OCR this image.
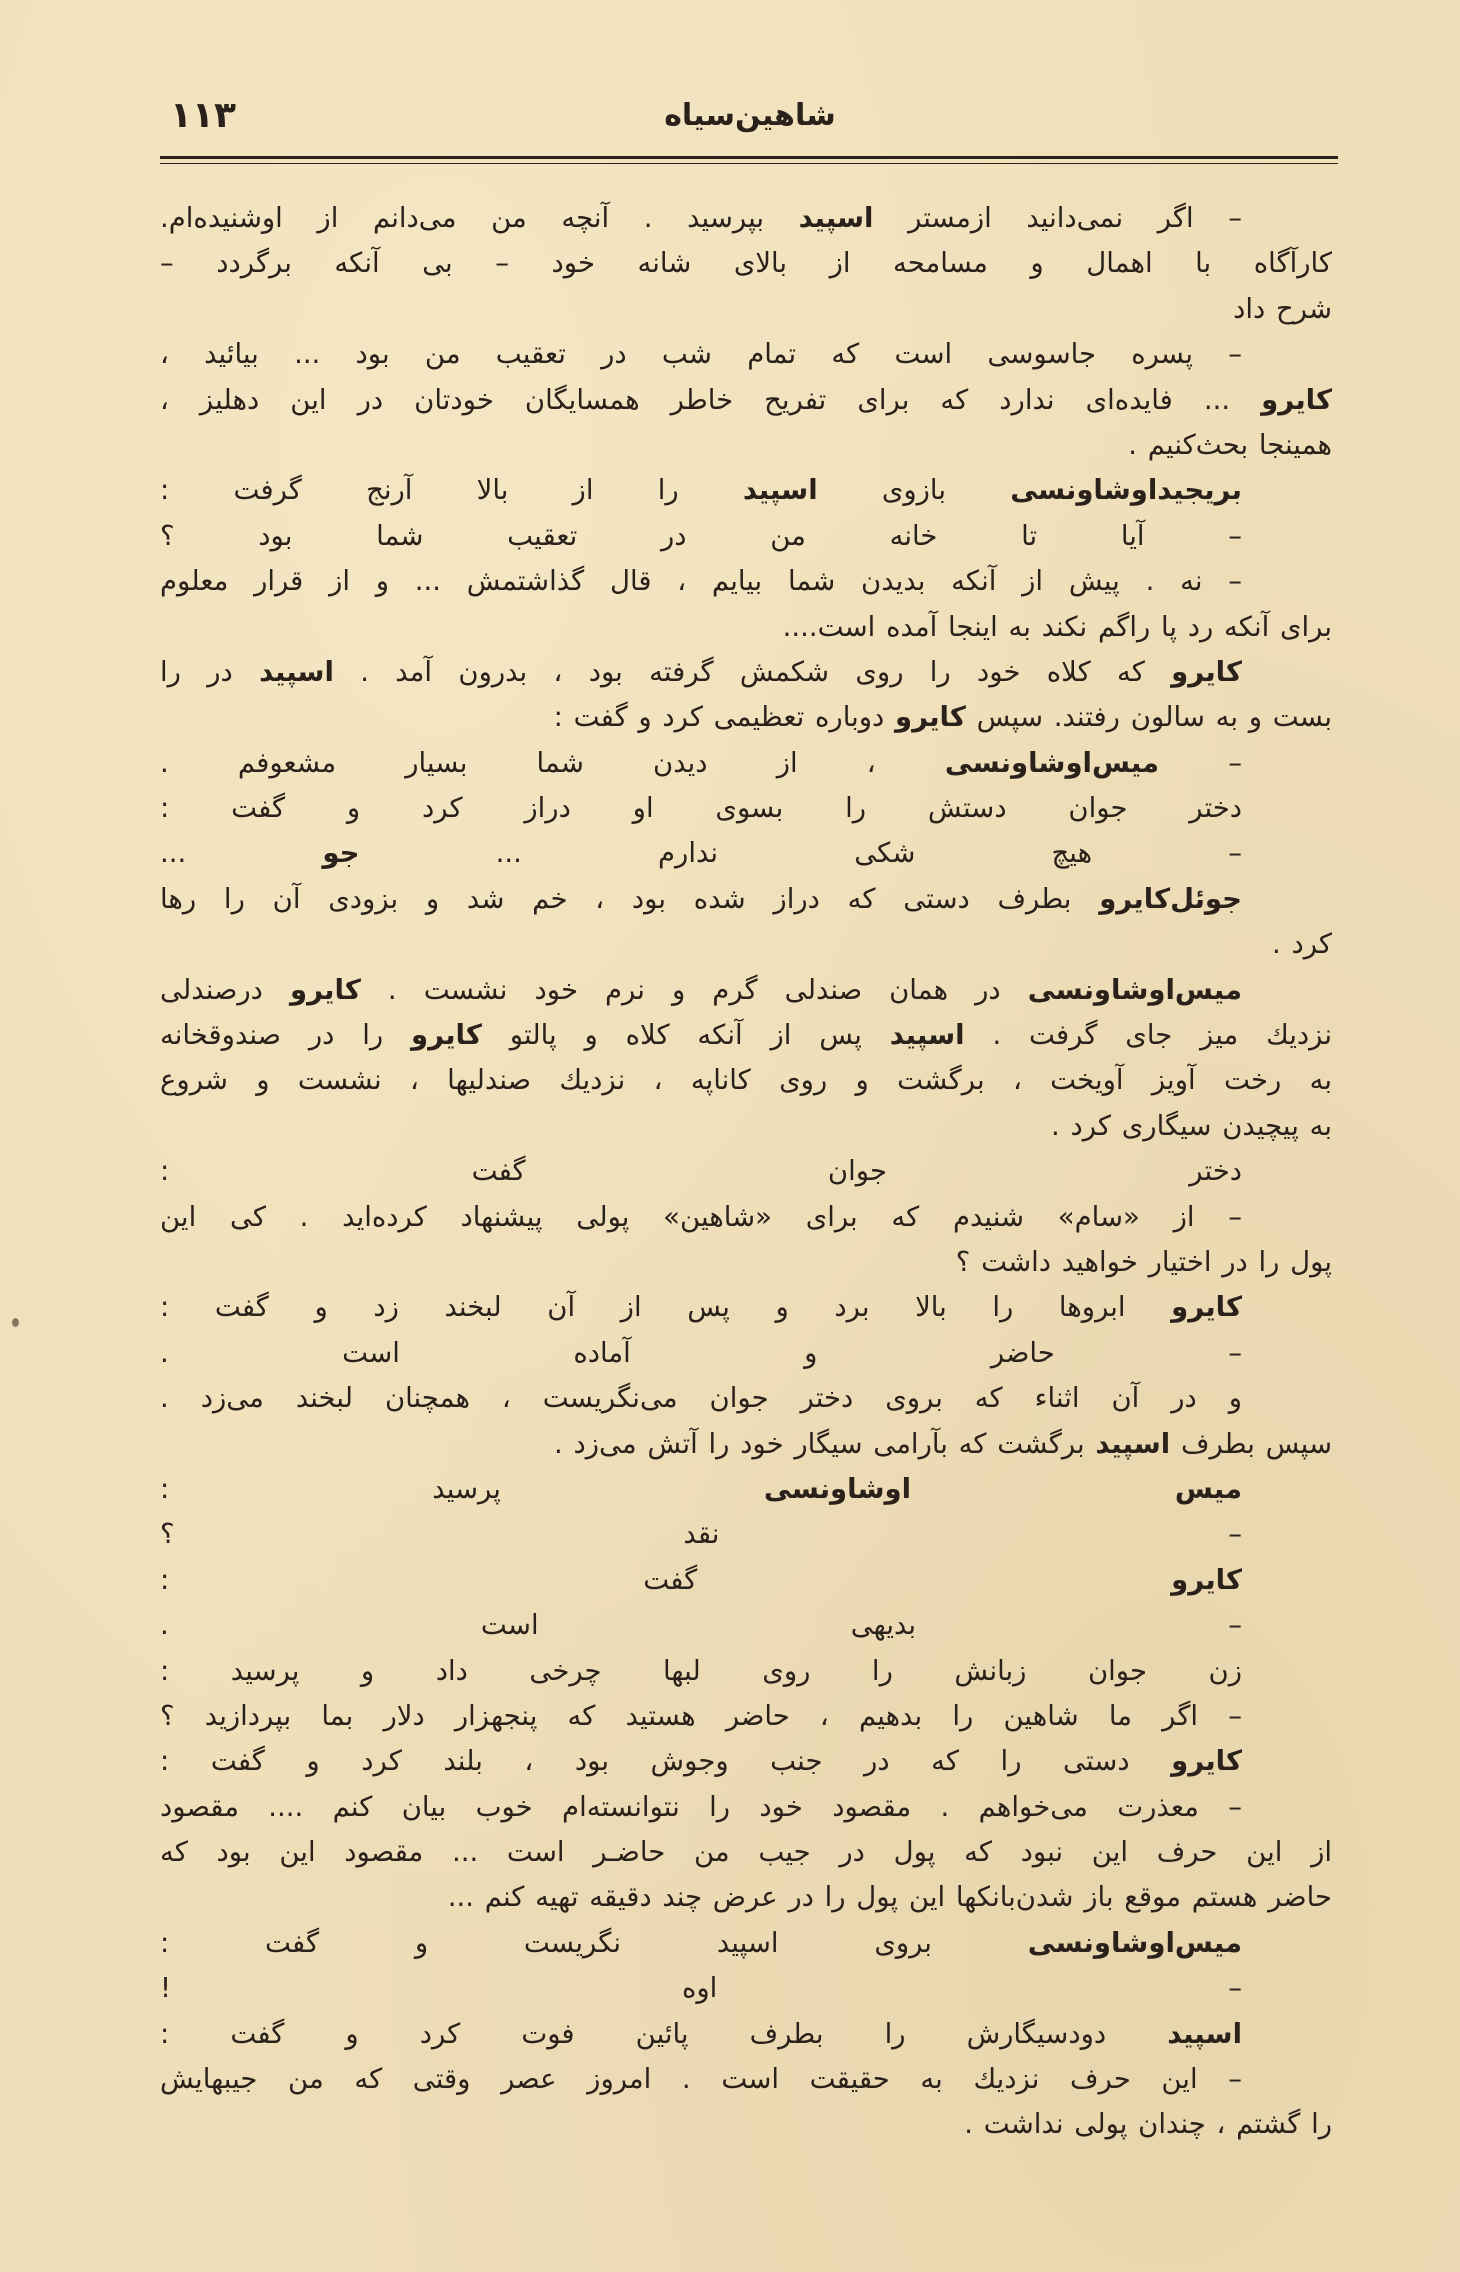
۱۱۳	شاهین‌سیاه
– اگر نمی‌دانید ازمستر اسپید بپرسید . آنچه من می‌دانم از اوشنیده‌ام.
کارآگاه با اهمال و مسامحه از بالای شانه خود – بی آنکه برگردد –
شرح داد
– پسره جاسوسی است که تمام شب در تعقیب من بود ... بیائید ،
کایرو ... فایده‌ای ندارد که برای تفریح خاطر همسایگان خودتان در این دهلیز ،
همینجا بحث‌کنیم .
بریجیداوشاونسی بازوی اسپید را از بالا آرنج گرفت :
– آیا تا خانه من در تعقیب شما بود ؟
– نه . پیش از آنکه بدیدن شما بیایم ، قال گذاشتمش ... و از قرار معلوم
برای آنکه رد پا راگم نکند به اینجا آمده است....
کایرو که کلاه خود را روی شکمش گرفته بود ، بدرون آمد . اسپید در را
بست و به سالون رفتند. سپس کایرو دوباره تعظیمی کرد و گفت :
– میس‌اوشاونسی ، از دیدن شما بسیار مشعوفم .
دختر جوان دستش را بسوی او دراز کرد و گفت :
– هیچ شکی ندارم ... جو ...
جوئل‌کایرو بطرف دستی که دراز شده بود ، خم شد و بزودی آن را رها
کرد .
میس‌اوشاونسی در همان صندلی گرم و نرم خود نشست . کایرو درصندلی
نزدیك میز جای گرفت . اسپید پس از آنکه کلاه و پالتو کایرو را در صندوقخانه
به رخت آویز آویخت ، برگشت و روی کاناپه ، نزدیك صندلیها ، نشست و شروع
به پیچیدن سیگاری کرد .
دختر جوان گفت :
– از «سام» شنیدم که برای «شاهین» پولی پیشنهاد کرده‌اید . کی این
پول را در اختیار خواهید داشت ؟
کایرو ابروها را بالا برد و پس از آن لبخند زد و گفت :
– حاضر و آماده است .
و در آن اثناء که بروی دختر جوان می‌نگریست ، همچنان لبخند می‌زد .
سپس بطرف اسپید برگشت که بآرامی سیگار خود را آتش می‌زد .
میس اوشاونسی پرسید :
– نقد ؟
کایرو گفت :
– بدیهی است .
زن جوان زبانش را روی لبها چرخی داد و پرسید :
– اگر ما شاهین را بدهیم ، حاضر هستید که پنجهزار دلار بما بپردازید ؟
کایرو دستی را که در جنب وجوش بود ، بلند کرد و گفت :
– معذرت می‌خواهم . مقصود خود را نتوانسته‌ام خوب بیان کنم .... مقصود
از این حرف این نبود که پول در جیب من حاضـر است ... مقصود این بود که
حاضر هستم موقع باز شدن‌بانکها این پول را در عرض چند دقیقه تهیه کنم ...
میس‌اوشاونسی بروی اسپید نگریست و گفت :
– اوه !
اسپید دودسیگارش را بطرف پائین فوت کرد و گفت :
– این حرف نزدیك به حقیقت است . امروز عصر وقتی که من جیبهایش
را گشتم ، چندان پولی نداشت .
